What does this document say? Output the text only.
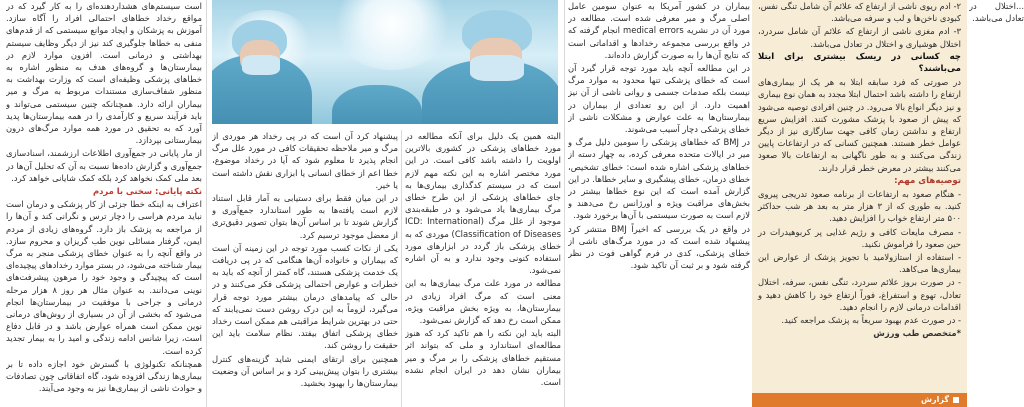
است سیستم‌های هشداردهنده‌ای را به کار گیرد که در مواقع رخداد خطاهای احتمالی افراد را آگاه سازد. آموزش به پزشکان و ایجاد موانع سیستمی که از قدم‌های منفی به خطاها جلوگیری کند نیز از دیگر وظایف سیستم بهداشتی و درمانی است. افزون موارد لازم در بیمارستان‌ها و گروه‌های هدف به منظور اشاره به خطاهای پزشکی وظیفه‌ای است که وزارت بهداشت به منظور شفاف‌سازی مستندات مربوط به مرگ و میر بیماران ارائه دارد. همچنانکه چنین سیستمی می‌تواند و باید فرآیند سریع و کارآمدی را در همه بیمارستان‌ها پدید آورد که به تحقیق در مورد همه موارد مرگ‌های درون بیمارستانی بپردازد.

از مار پایانی در جمع‌آوری اطلاعات ارزشمند، اسناد‌سازی جمع‌آوری و گزارش داده‌ها نسبت به آن که تحلیل آن‌ها در بعد ملی کمک نخواهد کرد بلکه کمک شایانی خواهد کرد.

نکته پایانی: سخنی با مردم

اعتراف به اینکه خطا جزئی از کار پزشکی و درمان است نباید مردم هراسی را دچار ترس و نگرانی کند و آن‌ها را از مراجعه به پزشک باز دارد. گروه‌های زیادی از مردم ایمن، گرفتار مسائلی نوین طب گریزان و محروم سازد. در واقع آنچه را به عنوان خطای پزشکی منجر به مرگ بیمار شناخته می‌شود، در بستر موارد رخدادهای پیچیده‌ای است که پیچیدگی و وجود خود را مرهون پیشرفت‌های نوینی می‌دانند. به عنوان مثال هر روز ۸ هزار مرحله درمانی و جراحی با موفقیت در بیمارستان‌ها انجام می‌شود که بخشی از آن در بسیاری از روش‌های درمانی نوین ممکن است همراه عوارض باشد و در قابل دفاع است، زیرا شانس ادامه زندگی و امید را به بیمار تجدید کرده است.

همچنانکه تکنولوژی با گسترش خود اجازه داده تا بر بیماری‌ها زندگی افزوده شود، گاه اتفاقاتی چون تصادفات و حوادث ناشی از بیماری‌ها نیز به وجود می‌آیند.

پیشنهاد کرد آن است که در پی رخداد هر موردی از مرگ و میر ملاحظه تحقیقات کافی در مورد علل مرگ انجام پذیرد تا معلوم شود که آیا در رخداد موضوع، خطا اعم از خطای انسانی یا ابزاری نقش داشته است یا خیر.

در این میان فقط برای دستیابی به آمار قابل استناد لازم است یافته‌ها به طور استاندارد جمع‌آوری و گزارش شوند تا بر اساس آن‌ها بتوان تصویر دقیق‌تری از معضل موجود ترسیم کرد.

یکی از نکات کسب مورد توجه در این زمینه آن است که بیماران و خانواده آن‌ها هنگامی که در پی دریافت یک خدمت پزشکی هستند، گاه کمتر از آنچه که باید به خطرات و عوارض احتمالی پزشکی فکر می‌کنند و در حالی که پیامدهای درمان بیشتر مورد توجه قرار می‌گیرد، لزوماً به این درک روشن دست نمی‌یابند که حتی در بهترین شرایط مراقبتی هم ممکن است رخداد خطای پزشکی اتفاق بیفتد. نظام سلامت باید این حقیقت را روشن کند.

همچنین برای ارتقای ایمنی شاید گزینه‌های کنترل بیشتری را بتوان پیش‌بینی کرد و بر اساس آن وضعیت بیمارستان‌ها را بهبود بخشید.

البته همین یک دلیل برای آنکه مطالعه در مورد خطاهای پزشکی در کشوری بالاترین اولویت را داشته باشد کافی است. در این مورد مختصر اشاره به این نکته مهم لازم است که در سیستم کدگذاری بیماری‌ها به جای خطاهای پزشکی از این طرح خطای مرگ بیماری‌ها یاد می‌شود و در طبقه‌بندی موجود از علل مرگ (ICD: International Classification of Diseases) موردی که به خطای پزشکی باز گردد در ابزارهای مورد استفاده کنونی وجود ندارد و به آن اشاره نمی‌شود.

مطالعه در مورد علت مرگ بیماری‌ها به این معنی است که مرگ افراد زیادی در بیمارستان‌ها، به ویژه بخش مراقبت ویژه، ممکن است رخ دهد که گزارش نمی‌شود.

البته باید این نکته را هم تاکید کرد که هنوز مطالعه‌ای استاندارد و ملی که بتواند اثر مستقیم خطاهای پزشکی را بر مرگ و میر بیماران نشان دهد در ایران انجام نشده است.

بیماران در کشور آمریکا به عنوان سومین عامل اصلی مرگ و میر معرفی شده است. مطالعه در مورد آن در نشریه medical errors انجام گرفته که در واقع بررسی مجموعه رخدادها و اقداماتی است که نتایج آن‌ها را به صورت گزارش داده‌اند.

در این مطالعه آنچه باید مورد توجه قرار گیرد آن است که خطای پزشکی تنها محدود به موارد مرگ نیست بلکه صدمات جسمی و روانی ناشی از آن نیز اهمیت دارد. از این رو تعدادی از بیماران در بیمارستان‌ها به علت عوارض و مشکلات ناشی از خطای پزشکی دچار آسیب می‌شوند.

در BMJ که خطاهای پزشکی را سومین دلیل مرگ و میر در ایالات متحده معرفی کرده، به چهار دسته از خطاهای پزشکی اشاره شده است: خطای تشخیص، خطای درمان، خطای پیشگیری و سایر خطاها. در این گزارش آمده است که این نوع خطاها بیشتر در بخش‌های مراقبت ویژه و اورژانس رخ می‌دهند و لازم است به صورت سیستمی با آن‌ها برخورد شود.

در واقع در یک بررسی که اخیراً BMJ منتشر کرد پیشنهاد شده است که در مورد مرگ‌های ناشی از خطای پزشکی، کدی در فرم گواهی فوت در نظر گرفته شود و بر ثبت آن تاکید شود.

۲- ادم ریوی ناشی از ارتفاع که علائم آن شامل تنگی نفس، کبودی ناخن‌ها و لب و سرفه می‌باشد.

۳- ادم مغزی ناشی از ارتفاع که علائم آن شامل سردرد، اختلال هوشیاری و اختلال در تعادل می‌باشد.

چه کسانی در ریسک بیشتری برای ابتلا می‌باشند؟

در صورتی که فرد سابقه ابتلا به هر یک از بیماری‌های ارتفاع را داشته باشد احتمال ابتلا مجدد به همان نوع بیماری و نیز دیگر انواع بالا می‌رود. در چنین افرادی توصیه می‌شود که پیش از صعود با پزشک مشورت کنند. افزایش سریع ارتفاع و نداشتن زمان کافی جهت سازگاری نیز از دیگر عوامل خطر هستند. همچنین کسانی که در ارتفاعات پایین زندگی می‌کنند و به طور ناگهانی به ارتفاعات بالا صعود می‌کنند بیشتر در معرض خطر قرار دارند.

توصیه‌های مهم:

- هنگام صعود به ارتفاعات از برنامه صعود تدریجی پیروی کنید. به طوری که از ۳ هزار متر به بعد هر شب حداکثر ۵۰۰ متر ارتفاع خواب را افزایش دهید.

- مصرف مایعات کافی و رژیم غذایی پر کربوهیدرات در حین صعود را فراموش نکنید.

- استفاده از استازولامید با تجویز پزشک از عوارض این بیماری‌ها می‌کاهد.

- در صورت بروز علائم سردرد، تنگی نفس، سرفه، اختلال تعادل، تهوع و استفراغ، فوراً ارتفاع خود را کاهش دهید و اقدامات درمانی لازم را انجام دهید.

- در صورت عدم بهبود سریعاً به پزشک مراجعه کنید.

*متخصص طب ورزش

گزارش
...اختلال در تعادل می‌باشد.
